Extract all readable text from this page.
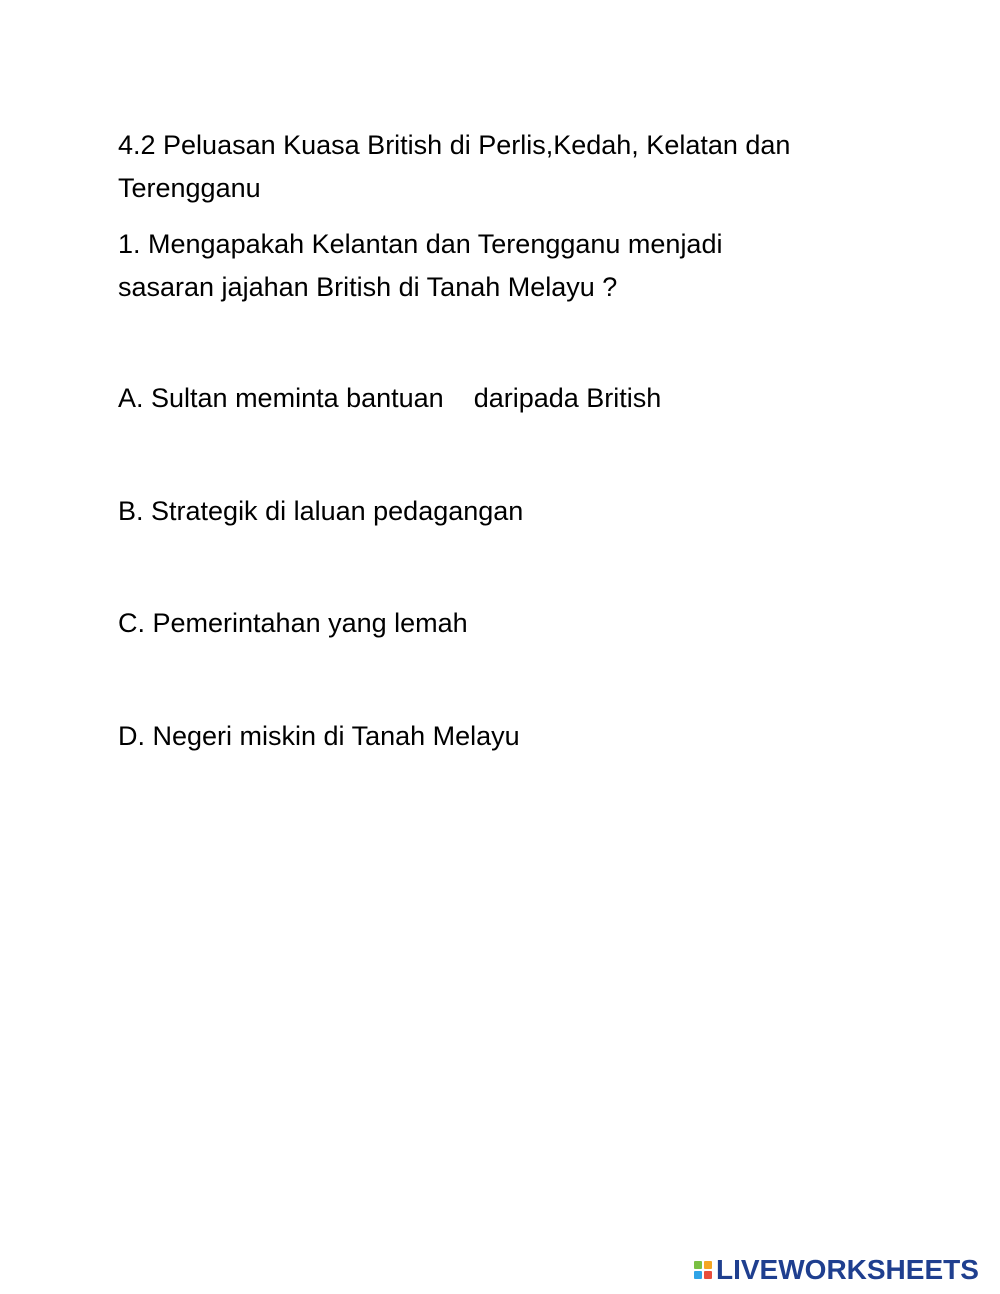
4.2 Peluasan Kuasa British di Perlis,Kedah, Kelatan dan
Terengganu
1. Mengapakah Kelantan dan Terengganu menjadi
sasaran jajahan British di Tanah Melayu ?
A. Sultan meminta bantuan    daripada British
B. Strategik di laluan pedagangan
C. Pemerintahan yang lemah
D. Negeri miskin di Tanah Melayu
LIVEWORKSHEETS
